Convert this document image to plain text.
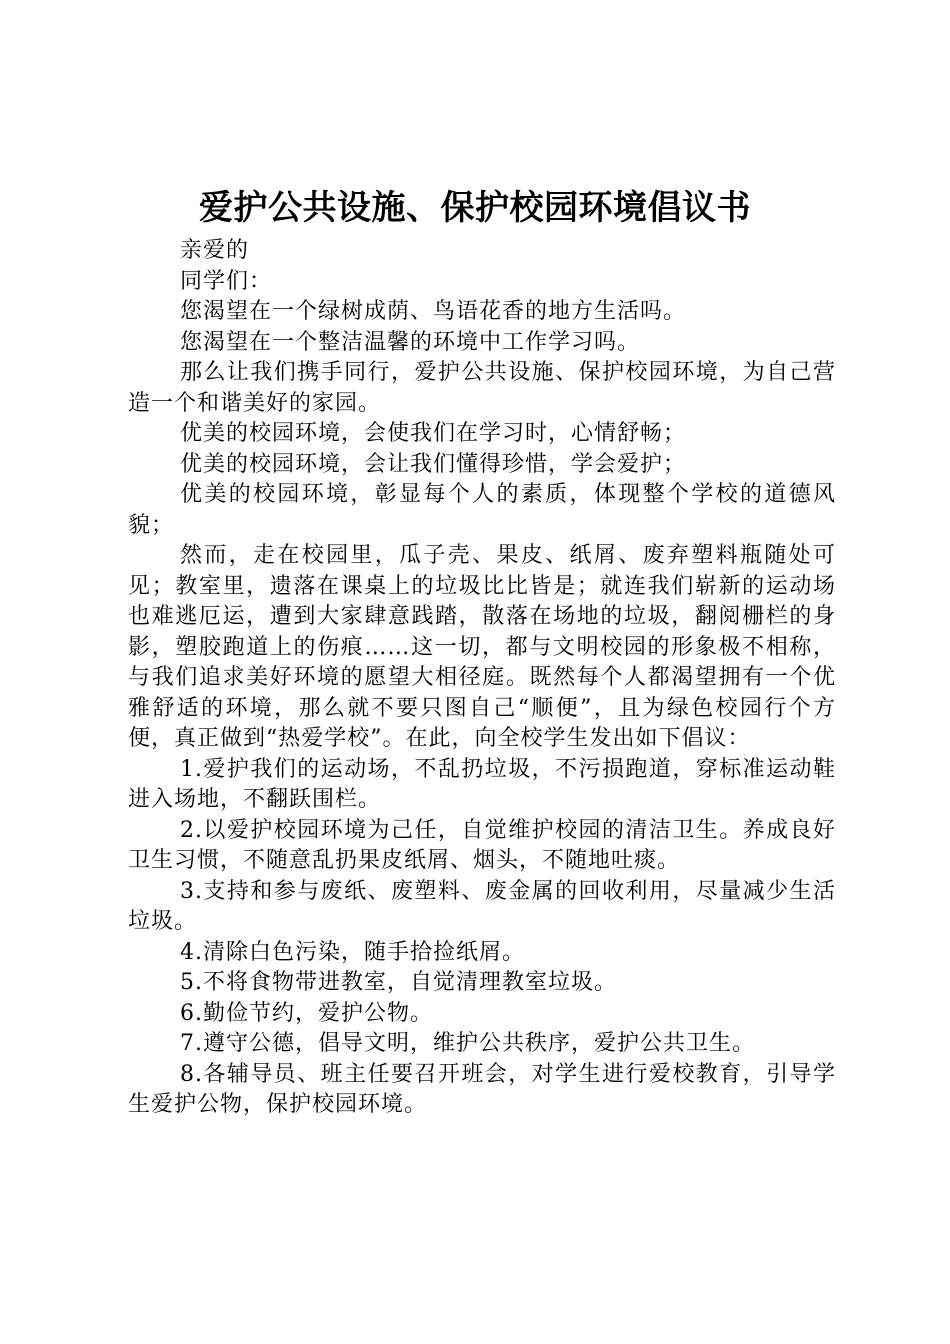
爱护公共设施、保护校园环境倡议书

亲爱的

同学们：

您渴望在一个绿树成荫、鸟语花香的地方生活吗。

您渴望在一个整洁温馨的环境中工作学习吗。

那么让我们携手同行，爱护公共设施、保护校园环境，为自己营造一个和谐美好的家园。

优美的校园环境，会使我们在学习时，心情舒畅；

优美的校园环境，会让我们懂得珍惜，学会爱护；

优美的校园环境，彰显每个人的素质，体现整个学校的道德风貌；

然而，走在校园里，瓜子壳、果皮、纸屑、废弃塑料瓶随处可见；教室里，遗落在课桌上的垃圾比比皆是；就连我们崭新的运动场也难逃厄运，遭到大家肆意践踏，散落在场地的垃圾，翻阅栅栏的身影，塑胶跑道上的伤痕……这一切，都与文明校园的形象极不相称，与我们追求美好环境的愿望大相径庭。既然每个人都渴望拥有一个优雅舒适的环境，那么就不要只图自己“顺便”，且为绿色校园行个方便，真正做到“热爱学校”。在此，向全校学生发出如下倡议：

1.爱护我们的运动场，不乱扔垃圾，不污损跑道，穿标准运动鞋进入场地，不翻跃围栏。

2.以爱护校园环境为己任，自觉维护校园的清洁卫生。养成良好卫生习惯，不随意乱扔果皮纸屑、烟头，不随地吐痰。

3.支持和参与废纸、废塑料、废金属的回收利用，尽量减少生活垃圾。

4.清除白色污染，随手拾捡纸屑。

5.不将食物带进教室，自觉清理教室垃圾。

6.勤俭节约，爱护公物。

7.遵守公德，倡导文明，维护公共秩序，爱护公共卫生。

8.各辅导员、班主任要召开班会，对学生进行爱校教育，引导学生爱护公物，保护校园环境。
